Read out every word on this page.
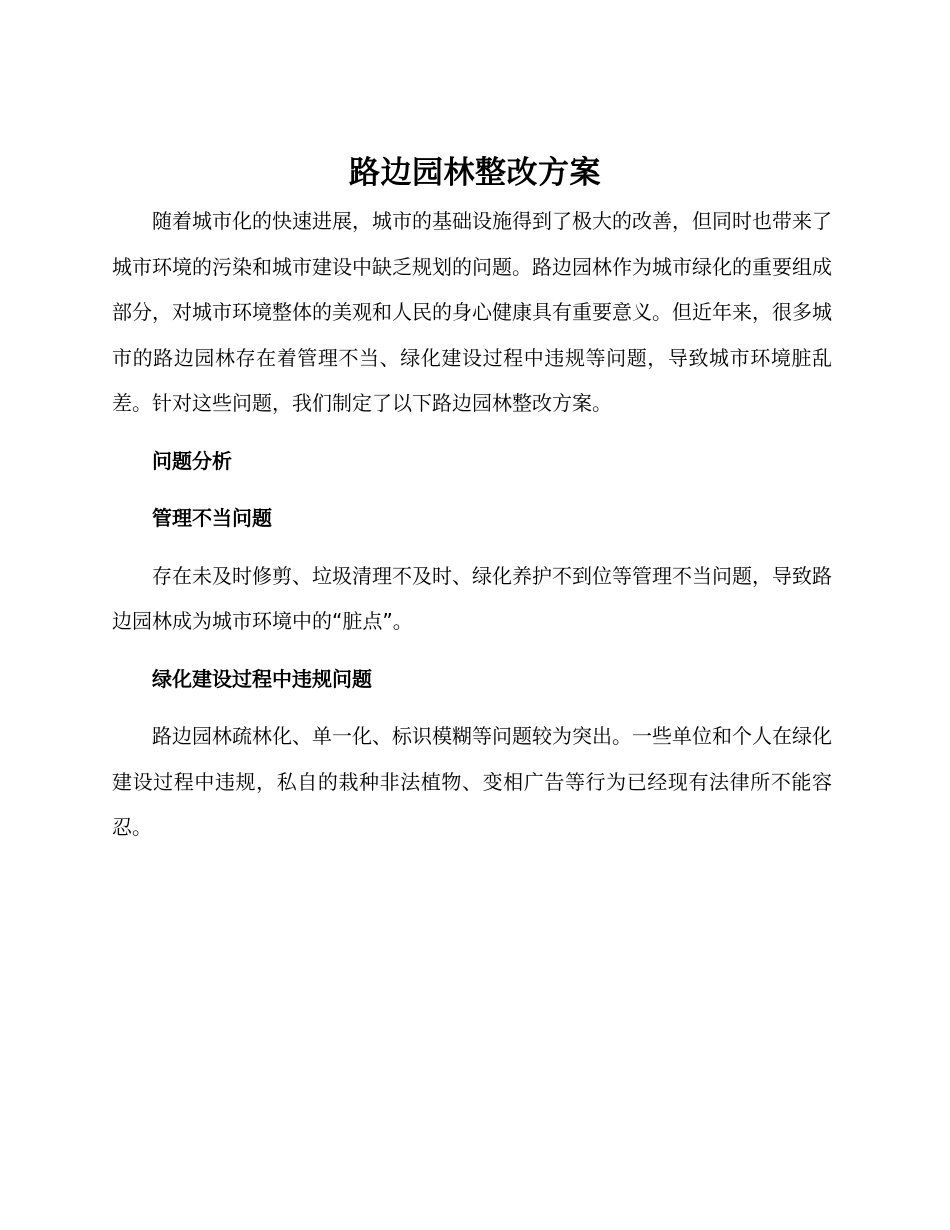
路边园林整改方案

随着城市化的快速进展，城市的基础设施得到了极大的改善，但同时也带来了城市环境的污染和城市建设中缺乏规划的问题。路边园林作为城市绿化的重要组成部分，对城市环境整体的美观和人民的身心健康具有重要意义。但近年来，很多城市的路边园林存在着管理不当、绿化建设过程中违规等问题，导致城市环境脏乱差。针对这些问题，我们制定了以下路边园林整改方案。

问题分析

管理不当问题

存在未及时修剪、垃圾清理不及时、绿化养护不到位等管理不当问题，导致路边园林成为城市环境中的“脏点”。

绿化建设过程中违规问题

路边园林疏林化、单一化、标识模糊等问题较为突出。一些单位和个人在绿化建设过程中违规，私自的栽种非法植物、变相广告等行为已经现有法律所不能容忍。
